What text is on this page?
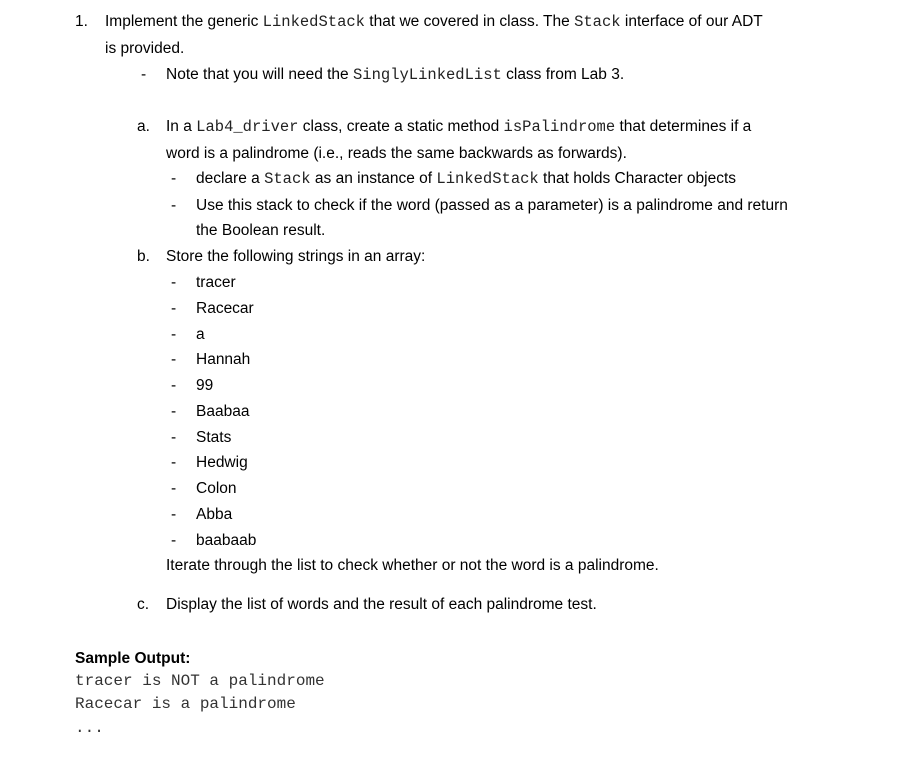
1. Implement the generic LinkedStack that we covered in class. The Stack interface of our ADT
is provided.
- Note that you will need the SinglyLinkedList class from Lab 3.
a. In a Lab4_driver class, create a static method isPalindrome that determines if a
word is a palindrome (i.e., reads the same backwards as forwards).
- declare a Stack as an instance of LinkedStack that holds Character objects
- Use this stack to check if the word (passed as a parameter) is a palindrome and return
the Boolean result.
b. Store the following strings in an array:
- tracer
- Racecar
- a
- Hannah
- 99
- Baabaa
- Stats
- Hedwig
- Colon
- Abba
- baabaab
Iterate through the list to check whether or not the word is a palindrome.
c. Display the list of words and the result of each palindrome test.
Sample Output:
tracer is NOT a palindrome
Racecar is a palindrome
...
